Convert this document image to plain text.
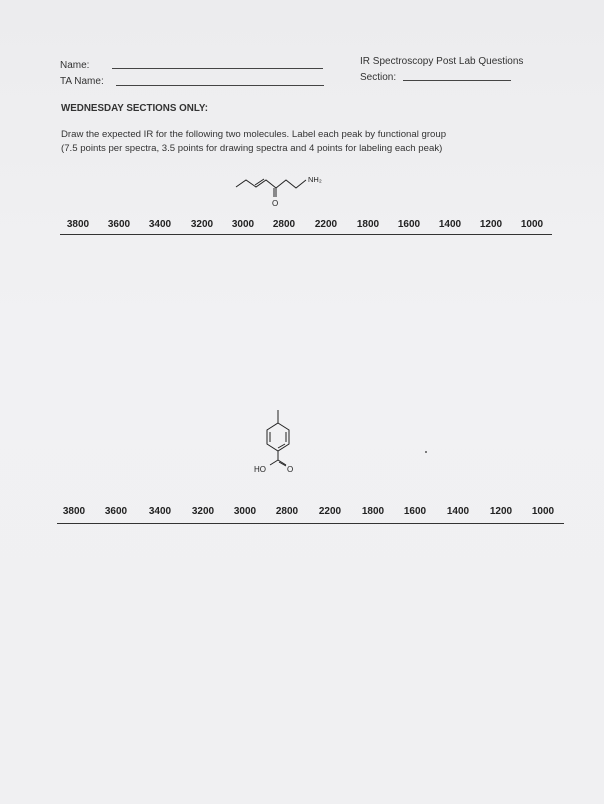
Name:
TA Name:
IR Spectroscopy Post Lab Questions
Section:
WEDNESDAY SECTIONS ONLY:
Draw the expected IR for the following two molecules. Label each peak by functional group
(7.5 points per spectra, 3.5 points for drawing spectra and 4 points for labeling each peak)
NH₂
O
3800 3600 3400 3200 3000 2800 2200 1800 1600 1400 1200 1000
HO	O
3800 3600 3400 3200 3000 2800 2200 1800 1600 1400 1200 1000
